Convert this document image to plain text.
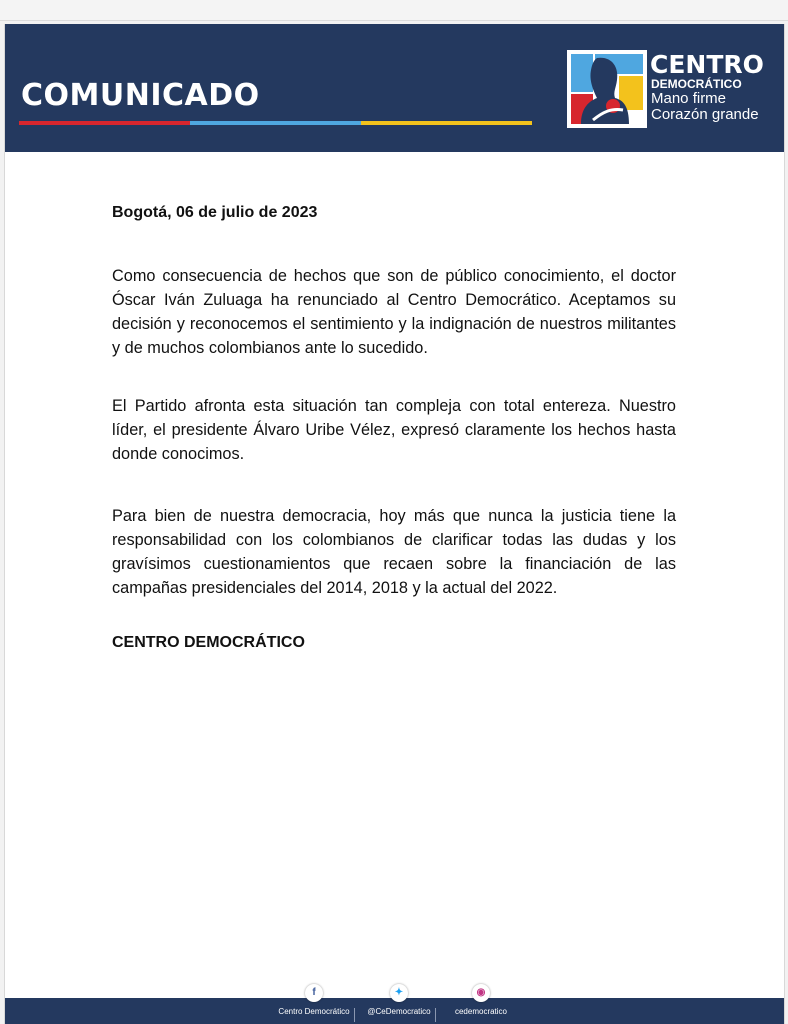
COMUNICADO
CENTRO
DEMOCRÁTICO
Mano firme
Corazón grande
Bogotá, 06 de julio de 2023

Como consecuencia de hechos que son de público conocimiento, el doctor Óscar Iván Zuluaga ha renunciado al Centro Democrático. Aceptamos su decisión y reconocemos el sentimiento y la indignación de nuestros militantes y de muchos colombianos ante lo sucedido.

El Partido afronta esta situación tan compleja con total entereza. Nuestro líder, el presidente Álvaro Uribe Vélez, expresó claramente los hechos hasta donde conocimos.

Para bien de nuestra democracia, hoy más que nunca la justicia tiene la responsabilidad con los colombianos de clarificar todas las dudas y los gravísimos cuestionamientos que recaen sobre la financiación de las campañas presidenciales del 2014, 2018 y la actual del 2022.

CENTRO DEMOCRÁTICO
f
Centro Democrático
✦
@CeDemocratico
◉
cedemocratico
